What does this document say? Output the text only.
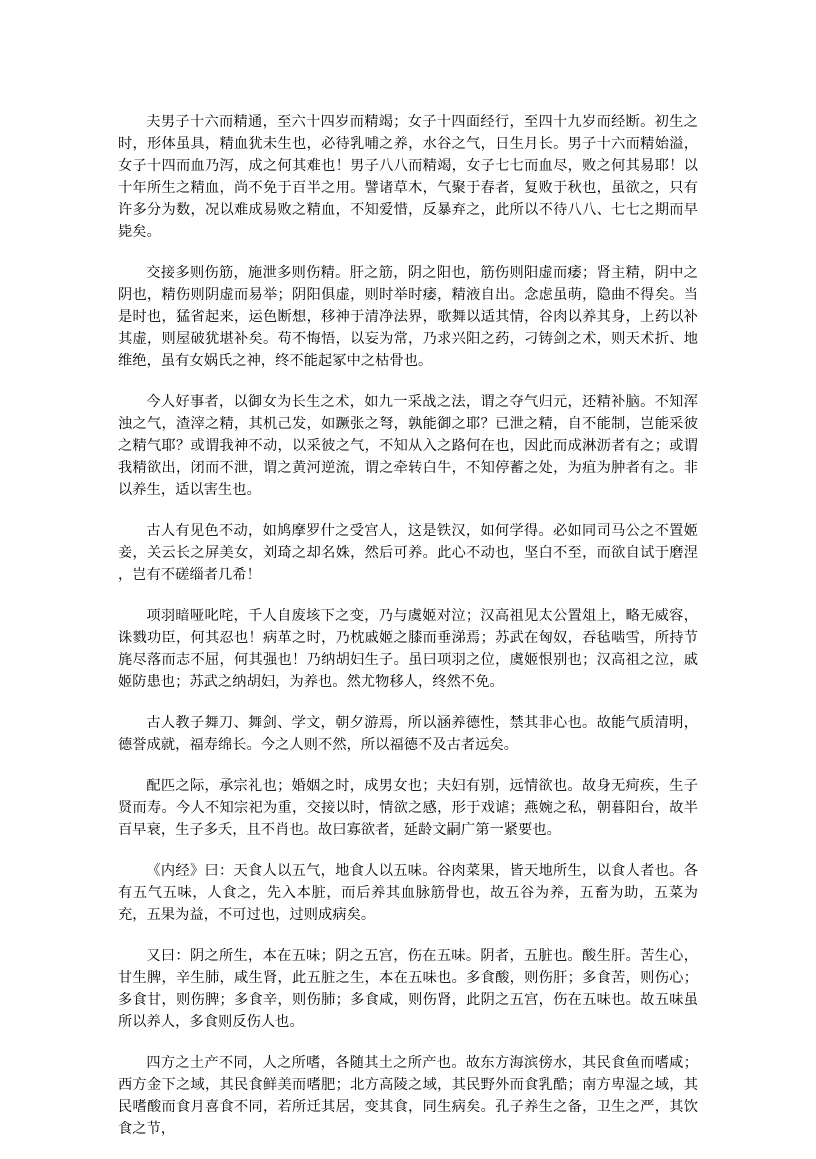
夫男子十六而精通，至六十四岁而精竭；女子十四面经行，至四十九岁而经断。初生之时，形体虽具，精血犹未生也，必待乳哺之养，水谷之气，日生月长。男子十六而精始溢，女子十四而血乃泻，成之何其难也！男子八八而精竭，女子七七而血尽，败之何其易耶！以十年所生之精血，尚不免于百半之用。譬诸草木，气聚于春者，复败于秋也，虽欲之，只有许多分为数，况以难成易败之精血，不知爱惜，反暴弃之，此所以不待八八、七七之期而早毙矣。

交接多则伤筋，施泄多则伤精。肝之筋，阴之阳也，筋伤则阳虚而痿；肾主精，阴中之阴也，精伤则阴虚而易举；阴阳俱虚，则时举时痿，精液自出。念虑虽萌，隐曲不得矣。当是时也，猛省起来，运色断想，移神于清净法界，歌舞以适其情，谷肉以养其身，上药以补其虚，则屋破犹堪补矣。苟不悔悟，以妄为常，乃求兴阳之药，刁铸剑之术，则天术折、地维绝，虽有女娲氏之神，终不能起冢中之枯骨也。

今人好事者，以御女为长生之术，如九一采战之法，谓之夺气归元，还精补脑。不知浑浊之气，渣滓之精，其机己发，如蹶张之弩，孰能御之耶？已泄之精，自不能制，岂能采彼之精气耶？或谓我神不动，以采彼之气，不知从入之路何在也，因此而成淋沥者有之；或谓我精欲出，闭而不泄，谓之黄河逆流，谓之牵转白牛，不知停蓄之处，为疽为肿者有之。非以养生，适以害生也。

古人有见色不动，如鸠摩罗什之受宫人，这是铁汉，如何学得。必如同司马公之不置姬妾，关云长之屏美女，刘琦之却名姝，然后可养。此心不动也，坚白不至，而欲自试于磨涅 ，岂有不磋缁者几希！

项羽暗哑叱咤，千人自废垓下之变，乃与虞姬对泣；汉高祖见太公置俎上，略无威容，诛戮功臣，何其忍也！病革之时，乃枕戚姬之膝而垂涕焉；苏武在匈奴，吞毡啮雪，所持节旄尽落而志不屈，何其强也！乃纳胡妇生子。虽曰项羽之位，虞姬恨别也；汉高祖之泣，戚姬防患也；苏武之纳胡妇，为养也。然尤物移人，终然不免。

古人教子舞刀、舞剑、学文，朝夕游焉，所以涵养德性，禁其非心也。故能气质清明，德誉成就，福寿绵长。今之人则不然，所以福德不及古者远矣。

配匹之际，承宗礼也；婚姻之时，成男女也；夫妇有别，远情欲也。故身无疴疾，生子贤而寿。今人不知宗祀为重，交接以时，情欲之感，形于戏谑；燕婉之私，朝暮阳台，故半百早衰，生子多夭，且不肖也。故曰寡欲者，延龄文嗣广第一紧要也。

《内经》曰：天食人以五气，地食人以五味。谷肉菜果，皆天地所生，以食人者也。各有五气五味，人食之，先入本脏，而后养其血脉筋骨也，故五谷为养，五畜为助，五菜为充，五果为益，不可过也，过则成病矣。

又曰：阴之所生，本在五味；阴之五宫，伤在五味。阴者，五脏也。酸生肝。苦生心，甘生脾，辛生肺，咸生肾，此五脏之生，本在五味也。多食酸，则伤肝；多食苦，则伤心；多食甘，则伤脾；多食辛，则伤肺；多食咸，则伤肾，此阴之五宫，伤在五味也。故五味虽所以养人，多食则反伤人也。

四方之土产不同，人之所嗜，各随其土之所产也。故东方海滨傍水，其民食鱼而嗜咸；西方金下之域，其民食鲜美而嗜肥；北方高陵之域，其民野外而食乳酷；南方卑湿之域，其民嗜酸而食月喜食不同，若所迁其居，变其食，同生病矣。孔子养生之备，卫生之严，其饮食之节，
